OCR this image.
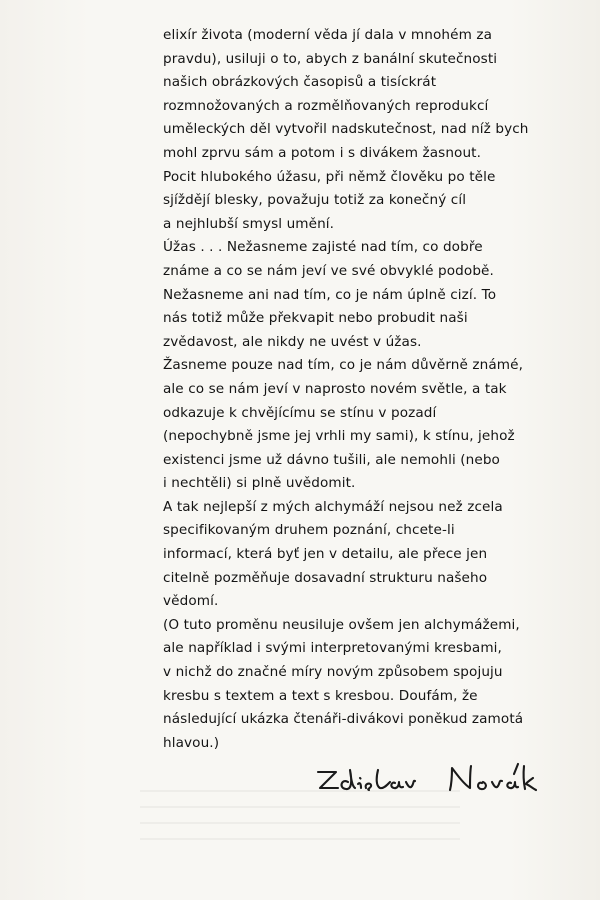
elixír života (moderní věda jí dala v mnohém za
pravdu), usiluji o to, abych z banální skutečnosti
našich obrázkových časopisů a tisíckrát
rozmnožovaných a rozmělňovaných reprodukcí
uměleckých děl vytvořil nadskutečnost, nad níž bych
mohl zprvu sám a potom i s divákem žasnout.
Pocit hlubokého úžasu, při němž člověku po těle
sjíždějí blesky, považuju totiž za konečný cíl
a nejhlubší smysl umění.
Úžas . . . Nežasneme zajisté nad tím, co dobře
známe a co se nám jeví ve své obvyklé podobě.
Nežasneme ani nad tím, co je nám úplně cizí. To
nás totiž může překvapit nebo probudit naši
zvědavost, ale nikdy ne uvést v úžas.
Žasneme pouze nad tím, co je nám důvěrně známé,
ale co se nám jeví v naprosto novém světle, a tak
odkazuje k chvějícímu se stínu v pozadí
(nepochybně jsme jej vrhli my sami), k stínu, jehož
existenci jsme už dávno tušili, ale nemohli (nebo
i nechtěli) si plně uvědomit.
A tak nejlepší z mých alchymáží nejsou než zcela
specifikovaným druhem poznání, chcete-li
informací, která byť jen v detailu, ale přece jen
citelně pozměňuje dosavadní strukturu našeho
vědomí.
(O tuto proměnu neusiluje ovšem jen alchymážemi,
ale například i svými interpretovanými kresbami,
v nichž do značné míry novým způsobem spojuju
kresbu s textem a text s kresbou. Doufám, že
následující ukázka čtenáři-divákovi poněkud zamotá
hlavou.)
